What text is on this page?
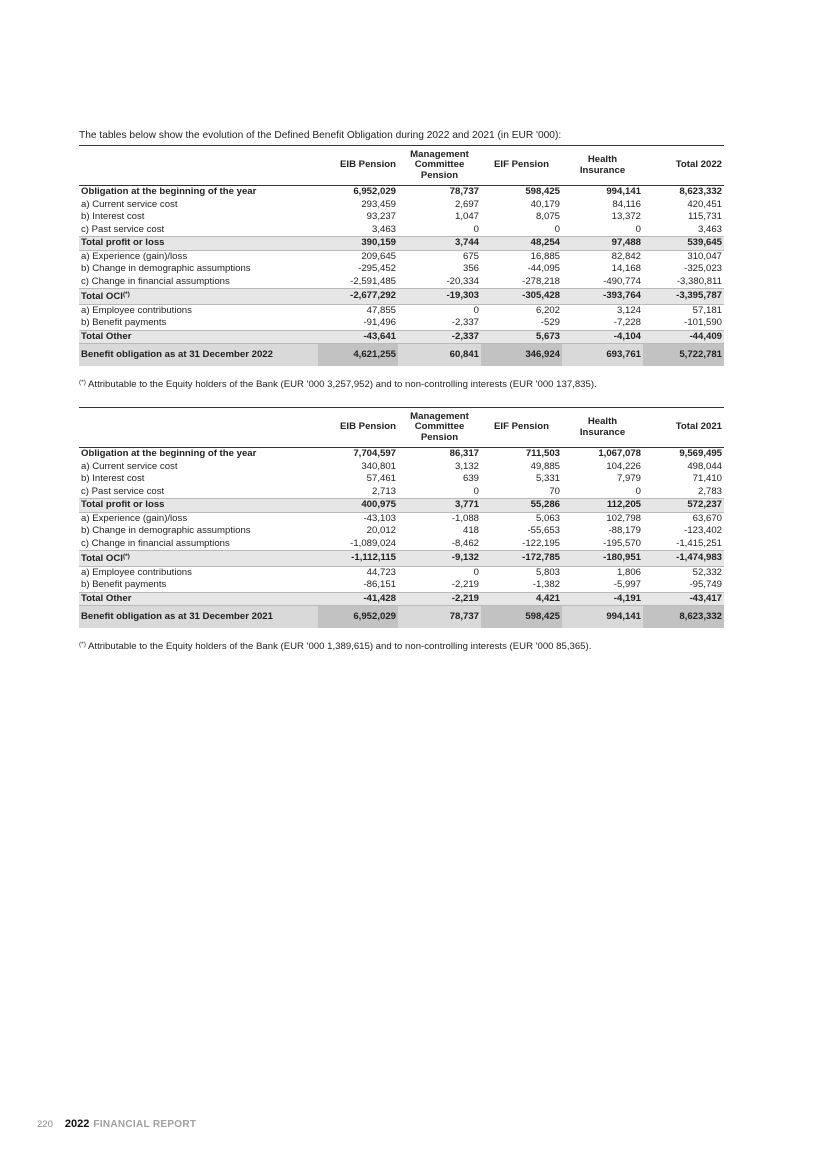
The tables below show the evolution of the Defined Benefit Obligation during 2022 and 2021 (in EUR '000):

	EIB Pension	Management Committee Pension	EIF Pension	Health Insurance	Total 2022
Obligation at the beginning of the year	6,952,029	78,737	598,425	994,141	8,623,332
a) Current service cost	293,459	2,697	40,179	84,116	420,451
b) Interest cost	93,237	1,047	8,075	13,372	115,731
c) Past service cost	3,463	0	0	0	3,463
Total profit or loss	390,159	3,744	48,254	97,488	539,645
a) Experience (gain)/loss	209,645	675	16,885	82,842	310,047
b) Change in demographic assumptions	-295,452	356	-44,095	14,168	-325,023
c) Change in financial assumptions	-2,591,485	-20,334	-278,218	-490,774	-3,380,811
Total OCI(*)	-2,677,292	-19,303	-305,428	-393,764	-3,395,787
a) Employee contributions	47,855	0	6,202	3,124	57,181
b) Benefit payments	-91,496	-2,337	-529	-7,228	-101,590
Total Other	-43,641	-2,337	5,673	-4,104	-44,409
Benefit obligation as at 31 December 2022	4,621,255	60,841	346,924	693,761	5,722,781

(*) Attributable to the Equity holders of the Bank (EUR '000 3,257,952) and to non-controlling interests (EUR '000 137,835).

	EIB Pension	Management Committee Pension	EIF Pension	Health Insurance	Total 2021
Obligation at the beginning of the year	7,704,597	86,317	711,503	1,067,078	9,569,495
a) Current service cost	340,801	3,132	49,885	104,226	498,044
b) Interest cost	57,461	639	5,331	7,979	71,410
c) Past service cost	2,713	0	70	0	2,783
Total profit or loss	400,975	3,771	55,286	112,205	572,237
a) Experience (gain)/loss	-43,103	-1,088	5,063	102,798	63,670
b) Change in demographic assumptions	20,012	418	-55,653	-88,179	-123,402
c) Change in financial assumptions	-1,089,024	-8,462	-122,195	-195,570	-1,415,251
Total OCI(*)	-1,112,115	-9,132	-172,785	-180,951	-1,474,983
a) Employee contributions	44,723	0	5,803	1,806	52,332
b) Benefit payments	-86,151	-2,219	-1,382	-5,997	-95,749
Total Other	-41,428	-2,219	4,421	-4,191	-43,417
Benefit obligation as at 31 December 2021	6,952,029	78,737	598,425	994,141	8,623,332

(*) Attributable to the Equity holders of the Bank (EUR '000 1,389,615) and to non-controlling interests (EUR '000 85,365).

220 2022 FINANCIAL REPORT
